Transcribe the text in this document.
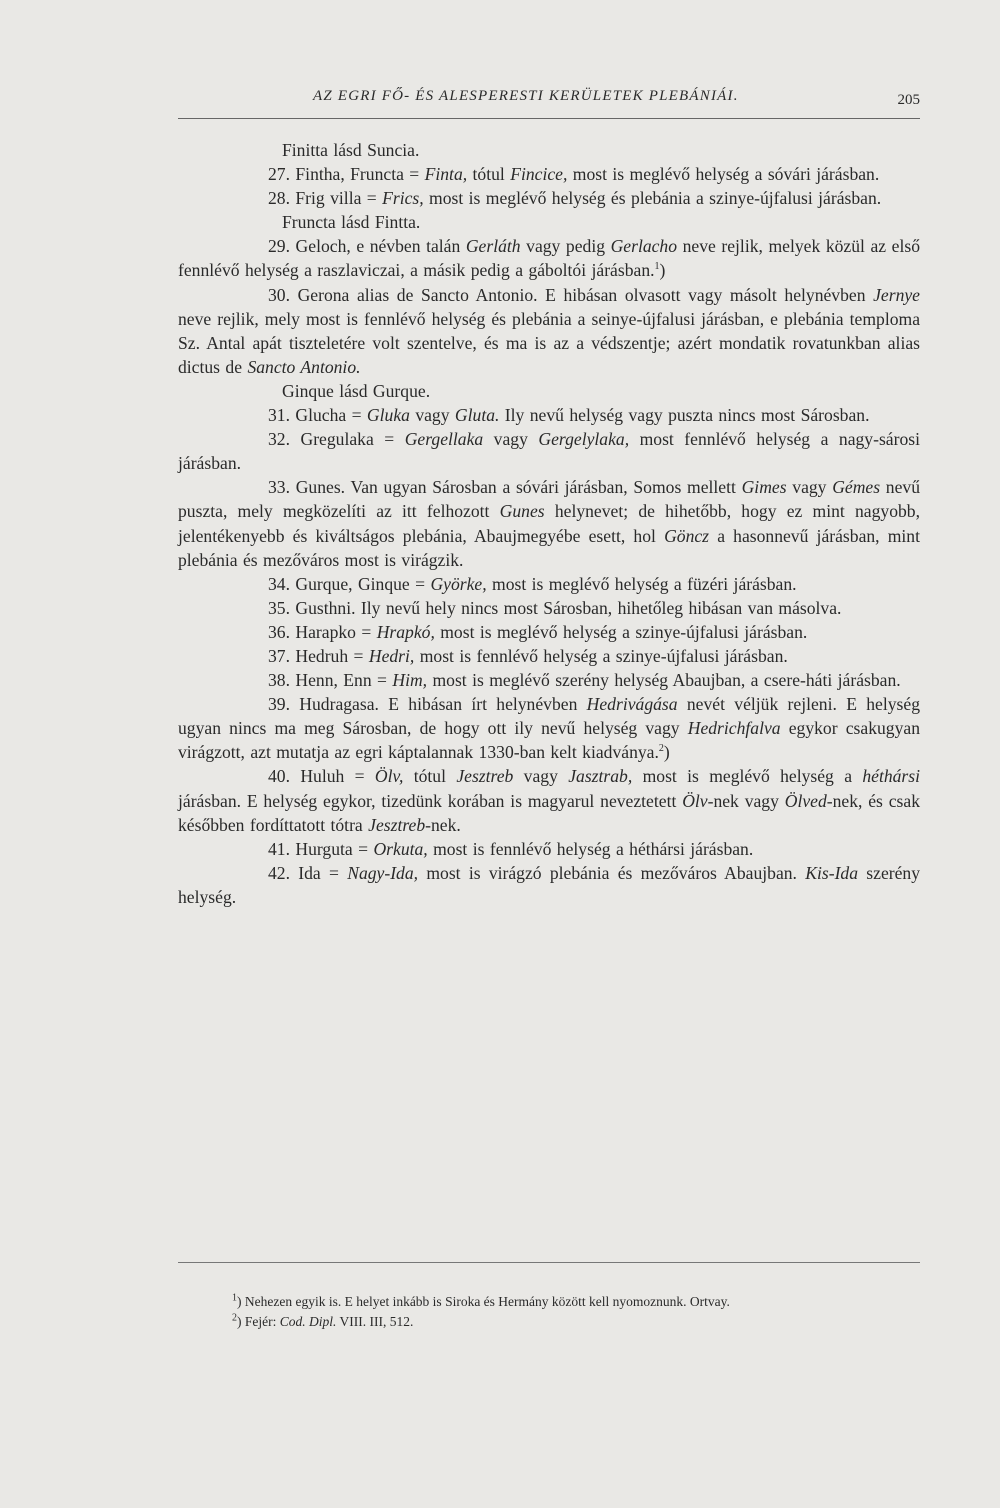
AZ EGRI FŐ- ÉS ALESPERESTI KERÜLETEK PLEBÁNIÁI.	205

Finitta lásd Suncia.

27. Fintha, Fruncta = Finta, tótul Fincice, most is meglévő helység a sóvári járásban.

28. Frig villa = Frics, most is meglévő helység és plebánia a szinye-újfalusi járásban.

Fruncta lásd Fintta.

29. Geloch, e névben talán Gerláth vagy pedig Gerlacho neve rejlik, melyek közül az első fennlévő helység a raszlaviczai, a másik pedig a gáboltói járásban.$^1$)

30. Gerona alias de Sancto Antonio. E hibásan olvasott vagy másolt helynévben Jernye neve rejlik, mely most is fennlévő helység és plebánia a seinye-újfalusi járásban, e plebánia temploma Sz. Antal apát tiszteletére volt szentelve, és ma is az a védszentje; azért mondatik rovatunkban alias dictus de Sancto Antonio.

Ginque lásd Gurque.

31. Glucha = Gluka vagy Gluta. Ily nevű helység vagy puszta nincs most Sárosban.

32. Gregulaka = Gergellaka vagy Gergelylaka, most fennlévő helység a nagy-sárosi járásban.

33. Gunes. Van ugyan Sárosban a sóvári járásban, Somos mellett Gimes vagy Gémes nevű puszta, mely megközelíti az itt felhozott Gunes helynevet; de hihetőbb, hogy ez mint nagyobb, jelentékenyebb és kiváltságos plebánia, Abaujmegyébe esett, hol Göncz a hasonnevű járásban, mint plebánia és mezőváros most is virágzik.

34. Gurque, Ginque = Györke, most is meglévő helység a füzéri járásban.

35. Gusthni. Ily nevű hely nincs most Sárosban, hihetőleg hibásan van másolva.

36. Harapko = Hrapkó, most is meglévő helység a szinye-újfalusi járásban.

37. Hedruh = Hedri, most is fennlévő helység a szinye-újfalusi járásban.

38. Henn, Enn = Him, most is meglévő szerény helység Abaujban, a csere-háti járásban.

39. Hudragasa. E hibásan írt helynévben Hedrivágása nevét véljük rejleni. E helység ugyan nincs ma meg Sárosban, de hogy ott ily nevű helység vagy Hedrichfalva egykor csakugyan virágzott, azt mutatja az egri káptalannak 1330-ban kelt kiadványa.$^2$)

40. Huluh = Ölv, tótul Jesztreb vagy Jasztrab, most is meglévő helység a héthársi járásban. E helység egykor, tizedünk korában is magyarul neveztetett Ölv-nek vagy Ölved-nek, és csak későbben fordíttatott tótra Jesztreb-nek.

41. Hurguta = Orkuta, most is fennlévő helység a héthársi járásban.

42. Ida = Nagy-Ida, most is virágzó plebánia és mezőváros Abaujban. Kis-Ida szerény helység.

$^1$) Nehezen egyik is. E helyet inkább is Siroka és Hermány között kell nyomoznunk. Ortvay.

$^2$) Fejér: Cod. Dipl. VIII. III, 512.
